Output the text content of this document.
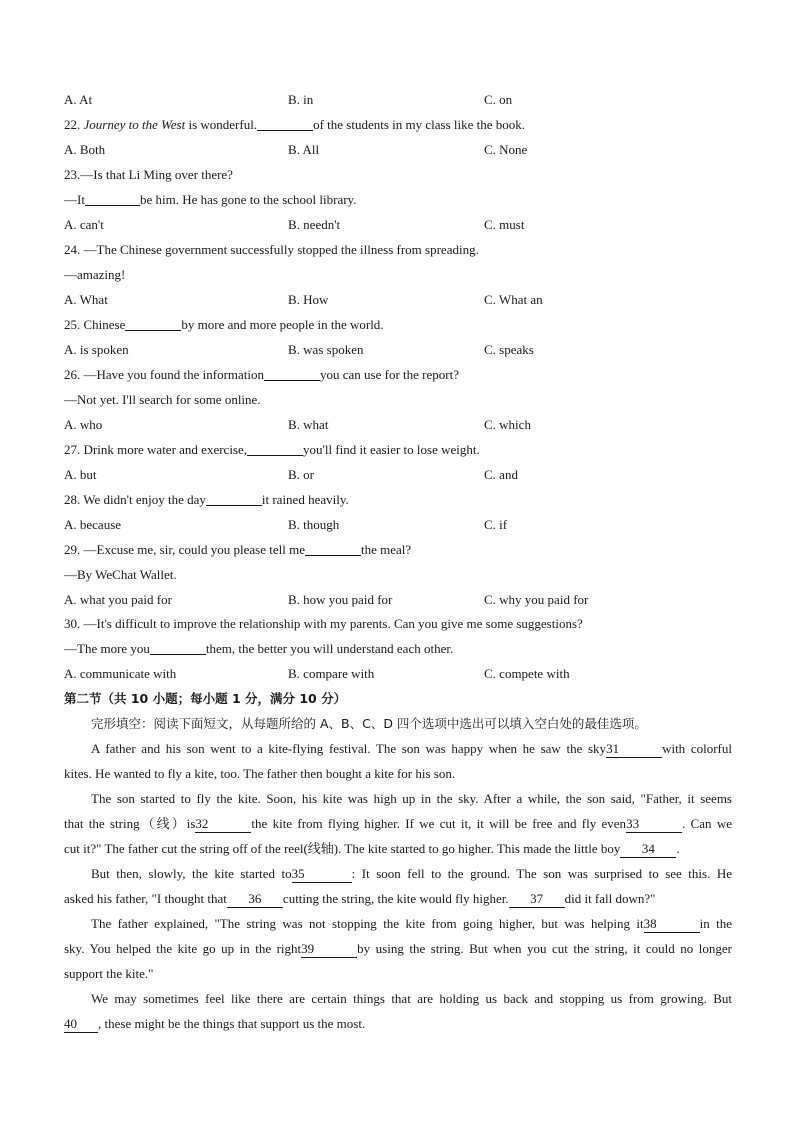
A. At	B. in	C. on
22. Journey to the West is wonderful.	of the students in my class like the book.
A. Both	B. All	C. None
23.—Is that Li Ming over there?
—It	be him. He has gone to the school library.
A. can't	B. needn't	C. must
24. —The Chinese government successfully stopped the illness from spreading.
—amazing!
A. What	B. How	C. What an
25. Chinese	by more and more people in the world.
A. is spoken	B. was spoken	C. speaks
26. —Have you found the information	you can use for the report?
—Not yet. I'll search for some online.
A. who	B. what	C. which
27. Drink more water and exercise,	you'll find it easier to lose weight.
A. but	B. or	C. and
28. We didn't enjoy the day	it rained heavily.
A. because	B. though	C. if
29. —Excuse me, sir, could you please tell me	the meal?
—By WeChat Wallet.
A. what you paid for	B. how you paid for	C. why you paid for
30. —It's difficult to improve the relationship with my parents. Can you give me some suggestions?
—The more you	them, the better you will understand each other.
A. communicate with	B. compare with	C. compete with
第二节（共 10 小题；每小题 1 分，满分 10 分）
完形填空：阅读下面短文，从每题所给的 A、B、C、D 四个选项中选出可以填入空白处的最佳选项。
A father and his son went to a kite-flying festival. The son was happy when he saw the sky31	with colorful
kites. He wanted to fly a kite, too. The father then bought a kite for his son.
The son started to fly the kite. Soon, his kite was high up in the sky. After a while, the son said, "Father, it seems
that the string（线）is32	the kite from flying higher. If we cut it, it will be free and fly even33	. Can we
cut it?" The father cut the string off of the reel(线轴). The kite started to go higher. This made the little boy 34 .
But then, slowly, the kite started to35	: It soon fell to the ground. The son was surprised to see this. He
asked his father, "I thought that 36 cutting the string, the kite would fly higher. 37 did it fall down?"
The father explained, "The string was not stopping the kite from going higher, but was helping it38	in the
sky. You helped the kite go up in the right39	by using the string. But when you cut the string, it could no longer
support the kite."
We may sometimes feel like there are certain things that are holding us back and stopping us from growing. But
40 , these might be the things that support us the most.
